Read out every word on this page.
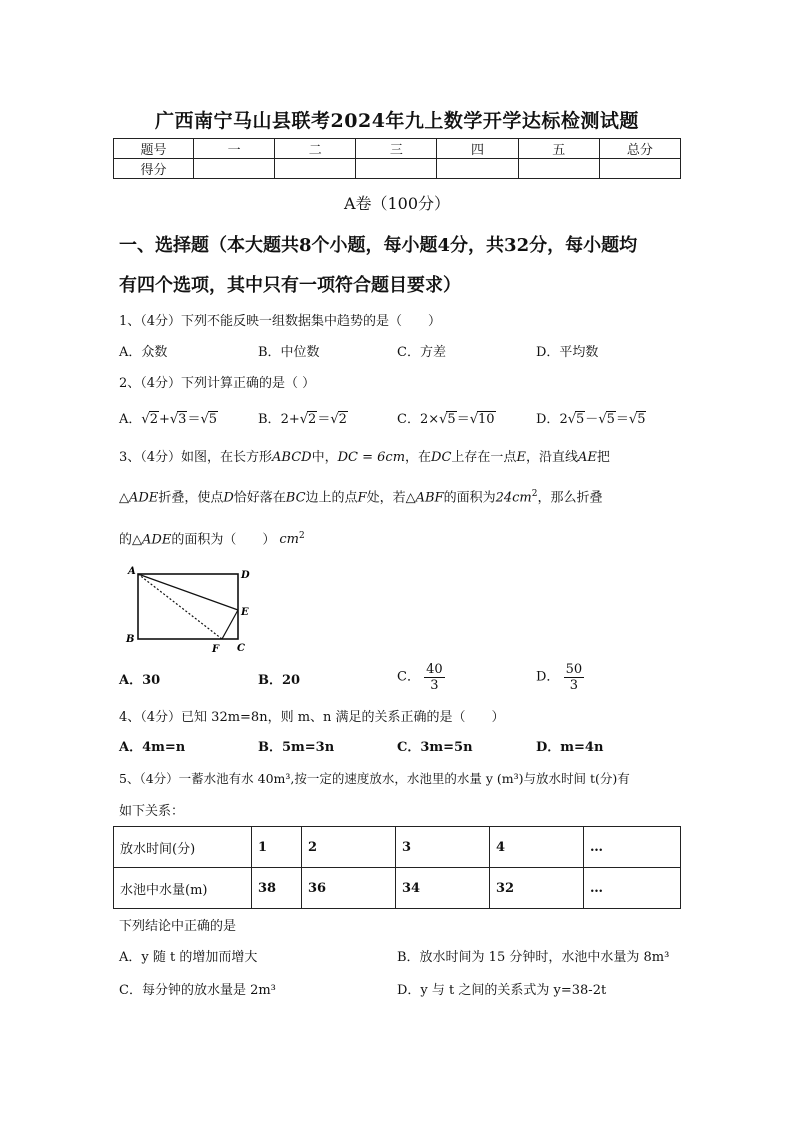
广西南宁马山县联考2024年九上数学开学达标检测试题
题号	一	二	三	四	五	总分
得分						
A卷（100分）
一、选择题（本大题共8个小题，每小题4分，共32分，每小题均
有四个选项，其中只有一项符合题目要求）
1、（4分）下列不能反映一组数据集中趋势的是（　　）
A．众数	B．中位数	C．方差	D．平均数
2、（4分）下列计算正确的是（ ）
A．√2+√3＝√5	B．2+√2＝√2	C．2×√5＝√10	D．2√5－√5＝√5
3、（4分）如图，在长方形ABCD中，DC = 6cm，在DC上存在一点E，沿直线AE把
△ADE折叠，使点D恰好落在BC边上的点F处，若△ABF的面积为$24cm^2$，那么折叠
的△ADE的面积为（　　） $cm^2$
A	D
E
B
F C
A．30	B．20	C． $\frac{40}{3}$	D． $\frac{50}{3}$
4、（4分）已知 32m=8n，则 m、n 满足的关系正确的是（　　）
A．4m=n	B．5m=3n	C．3m=5n	D．m=4n
5、（4分）一蓄水池有水 40m³,按一定的速度放水，水池里的水量 y (m³)与放水时间 t(分)有
如下关系：
放水时间(分)	1	2	3	4	…
水池中水量(m)	38	36	34	32	…
下列结论中正确的是
A．y 随 t 的增加而增大	B．放水时间为 15 分钟时，水池中水量为 8m³
C．每分钟的放水量是 2m³	D．y 与 t 之间的关系式为 y=38-2t
